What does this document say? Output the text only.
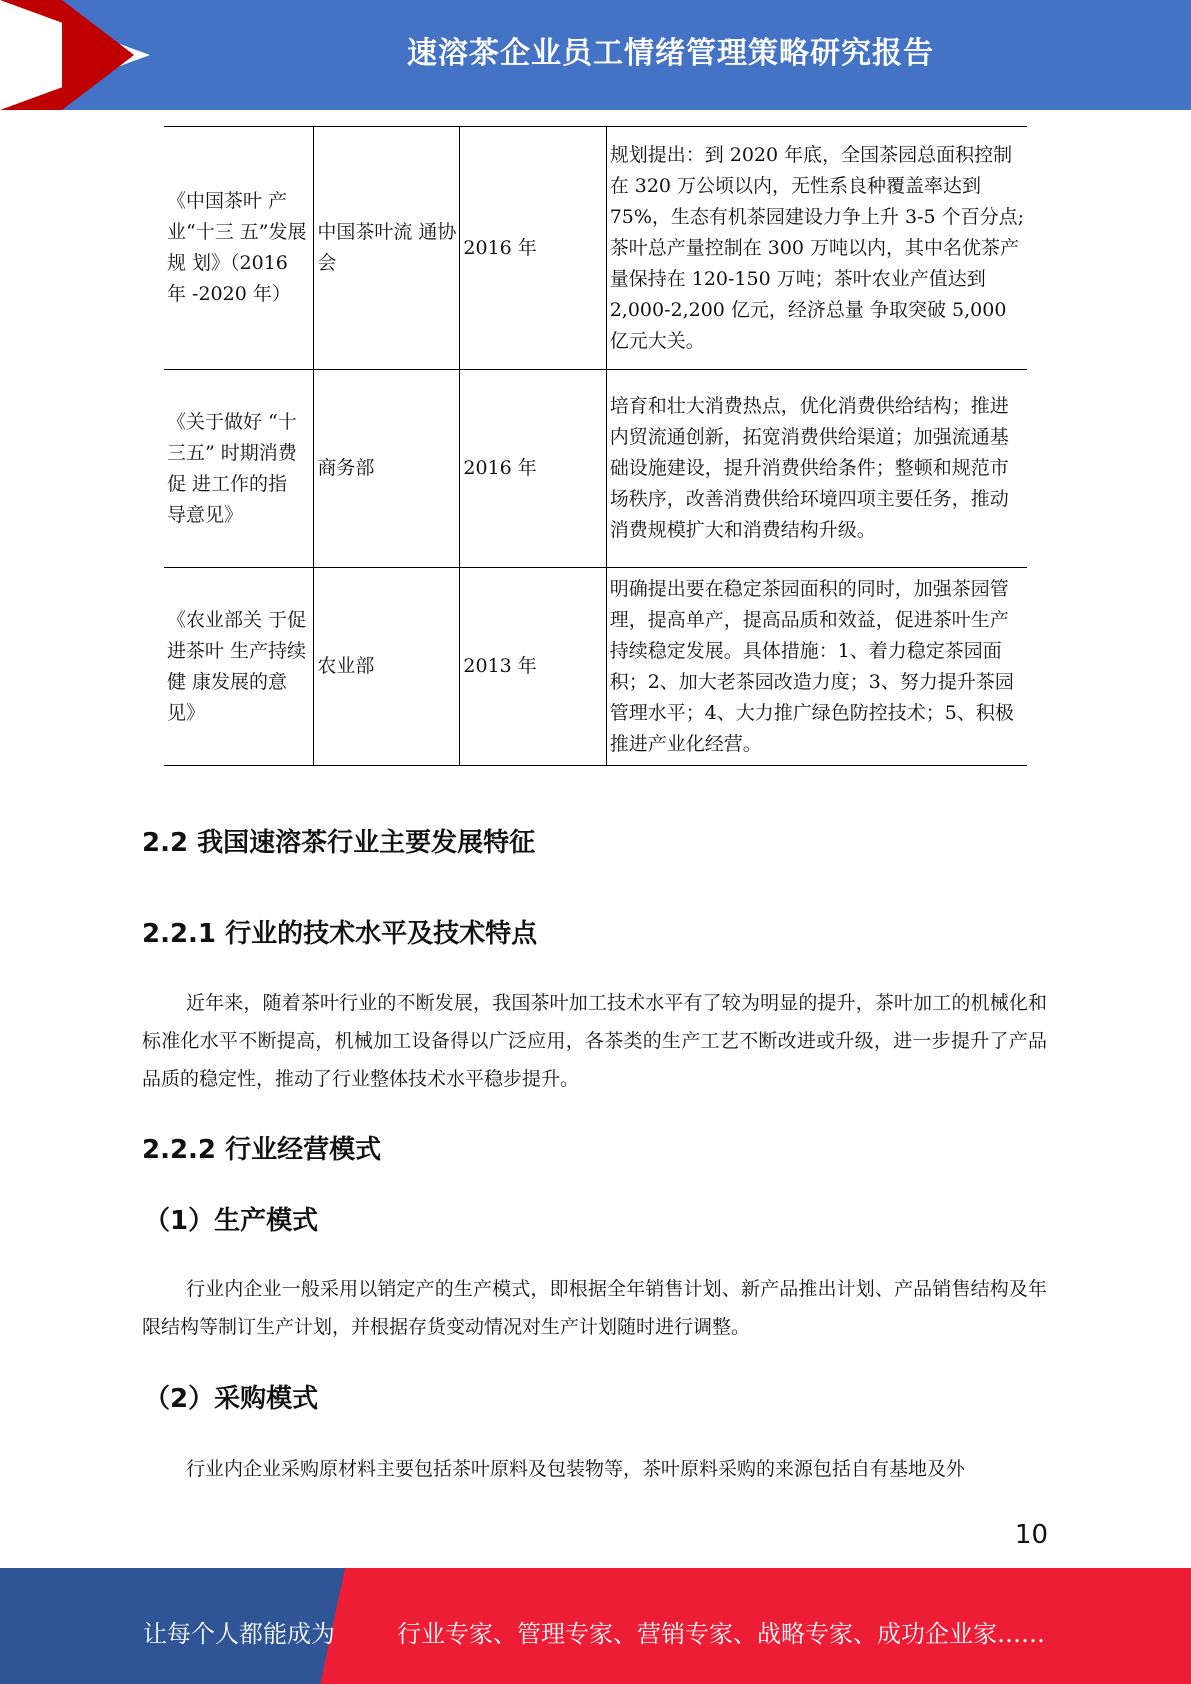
速溶茶企业员工情绪管理策略研究报告
《中国茶叶 产业“十三 五”发展规 划》（2016 年 -2020 年）	中国茶叶流 通协会	2016 年	规划提出：到 2020 年底，全国茶园总面积控制在 320 万公顷以内，无性系良种覆盖率达到 75%，生态有机茶园建设力争上升 3-5 个百分点;茶叶总产量控制在 300 万吨以内，其中名优茶产量保持在 120-150 万吨；茶叶农业产值达到 2,000-2,200 亿元，经济总量 争取突破 5,000 亿元大关。
《关于做好 “十三五” 时期消费促 进工作的指 导意见》	商务部	2016 年	培育和壮大消费热点，优化消费供给结构；推进内贸流通创新，拓宽消费供给渠道；加强流通基础设施建设，提升消费供给条件；整顿和规范市场秩序，改善消费供给环境四项主要任务，推动消费规模扩大和消费结构升级。
《农业部关 于促进茶叶 生产持续健 康发展的意 见》	农业部	2013 年	明确提出要在稳定茶园面积的同时，加强茶园管理，提高单产，提高品质和效益，促进茶叶生产持续稳定发展。具体措施：1、着力稳定茶园面积；2、加大老茶园改造力度；3、努力提升茶园管理水平；4、大力推广绿色防控技术；5、积极推进产业化经营。
2.2 我国速溶茶行业主要发展特征
2.2.1 行业的技术水平及技术特点
近年来，随着茶叶行业的不断发展，我国茶叶加工技术水平有了较为明显的提升，茶叶加工的机械化和标准化水平不断提高，机械加工设备得以广泛应用，各茶类的生产工艺不断改进或升级，进一步提升了产品品质的稳定性，推动了行业整体技术水平稳步提升。
2.2.2 行业经营模式
（1）生产模式
行业内企业一般采用以销定产的生产模式，即根据全年销售计划、新产品推出计划、产品销售结构及年限结构等制订生产计划，并根据存货变动情况对生产计划随时进行调整。
（2）采购模式
行业内企业采购原材料主要包括茶叶原料及包装物等，茶叶原料采购的来源包括自有基地及外
10
让每个人都能成为	行业专家、管理专家、营销专家、战略专家、成功企业家……
